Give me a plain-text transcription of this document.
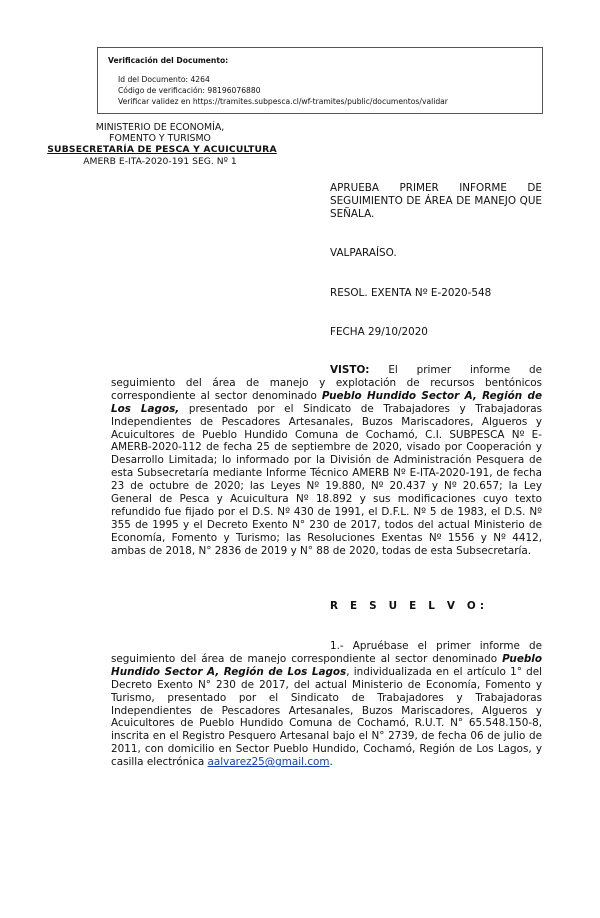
Verificación del Documento:
• Id del Documento: 4264
• Código de verificación: 98196076880
• Verificar validez en https://tramites.subpesca.cl/wf-tramites/public/documentos/validar
MINISTERIO DE ECONOMÍA,
FOMENTO Y TURISMO
SUBSECRETARÍA DE PESCA Y ACUICULTURA
AMERB E-ITA-2020-191 SEG. Nº 1
APRUEBA PRIMER INFORME DE SEGUIMIENTO DE ÁREA DE MANEJO QUE SEÑALA.
VALPARAÍSO.
RESOL. EXENTA Nº E-2020-548
FECHA 29/10/2020
VISTO: El primer informe de seguimiento del área de manejo y explotación de recursos bentónicos correspondiente al sector denominado Pueblo Hundido Sector A, Región de Los Lagos, presentado por el Sindicato de Trabajadores y Trabajadoras Independientes de Pescadores Artesanales, Buzos Mariscadores, Algueros y Acuicultores de Pueblo Hundido Comuna de Cochamó, C.I. SUBPESCA Nº E-AMERB-2020-112 de fecha 25 de septiembre de 2020, visado por Cooperación y Desarrollo Limitada; lo informado por la División de Administración Pesquera de esta Subsecretaría mediante Informe Técnico AMERB Nº E-ITA-2020-191, de fecha 23 de octubre de 2020; las Leyes Nº 19.880, Nº 20.437 y Nº 20.657; la Ley General de Pesca y Acuicultura Nº 18.892 y sus modificaciones cuyo texto refundido fue fijado por el D.S. Nº 430 de 1991, el D.F.L. Nº 5 de 1983, el D.S. Nº 355 de 1995 y el Decreto Exento N° 230 de 2017, todos del actual Ministerio de Economía, Fomento y Turismo; las Resoluciones Exentas Nº 1556 y Nº 4412, ambas de 2018, N° 2836 de 2019 y N° 88 de 2020, todas de esta Subsecretaría.
R E S U E L V O:
1.- Apruébase el primer informe de seguimiento del área de manejo correspondiente al sector denominado Pueblo Hundido Sector A, Región de Los Lagos, individualizada en el artículo 1° del Decreto Exento N° 230 de 2017, del actual Ministerio de Economía, Fomento y Turismo, presentado por el Sindicato de Trabajadores y Trabajadoras Independientes de Pescadores Artesanales, Buzos Mariscadores, Algueros y Acuicultores de Pueblo Hundido Comuna de Cochamó, R.U.T. N° 65.548.150-8, inscrita en el Registro Pesquero Artesanal bajo el N° 2739, de fecha 06 de julio de 2011, con domicilio en Sector Pueblo Hundido, Cochamó, Región de Los Lagos, y casilla electrónica aalvarez25@gmail.com.
